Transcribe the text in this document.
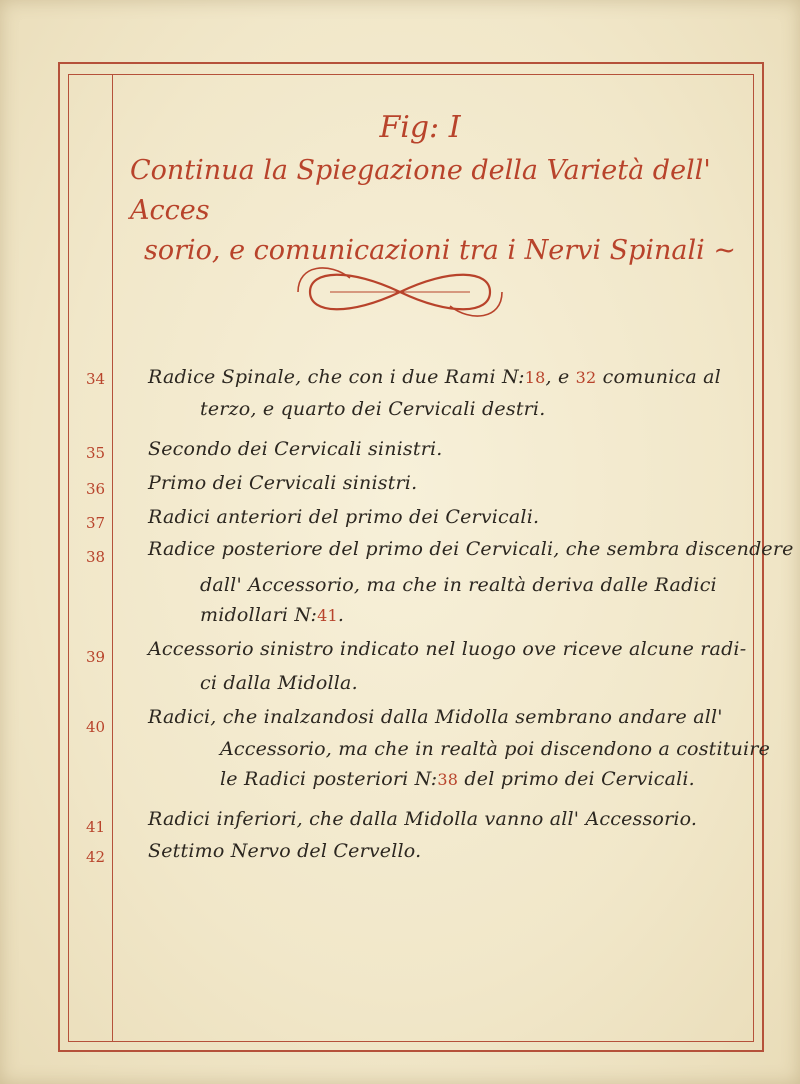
Fig: I
Continua la Spiegazione della Varietà dell' Acces
sorio, e comunicazioni tra i Nervi Spinali ~
34	Radice Spinale, che con i due Rami N:18, e 32 comunica al
terzo, e quarto dei Cervicali destri.
35	Secondo dei Cervicali sinistri.
36	Primo dei Cervicali sinistri.
37	Radici anteriori del primo dei Cervicali.
38	Radice posteriore del primo dei Cervicali, che sembra discendere
dall' Accessorio, ma che in realtà deriva dalle Radici
midollari N:41.
39	Accessorio sinistro indicato nel luogo ove riceve alcune radi-
ci dalla Midolla.
40	Radici, che inalzandosi dalla Midolla sembrano andare all'
Accessorio, ma che in realtà poi discendono a costituire
le Radici posteriori N:38 del primo dei Cervicali.
41	Radici inferiori, che dalla Midolla vanno all' Accessorio.
42	Settimo Nervo del Cervello.
